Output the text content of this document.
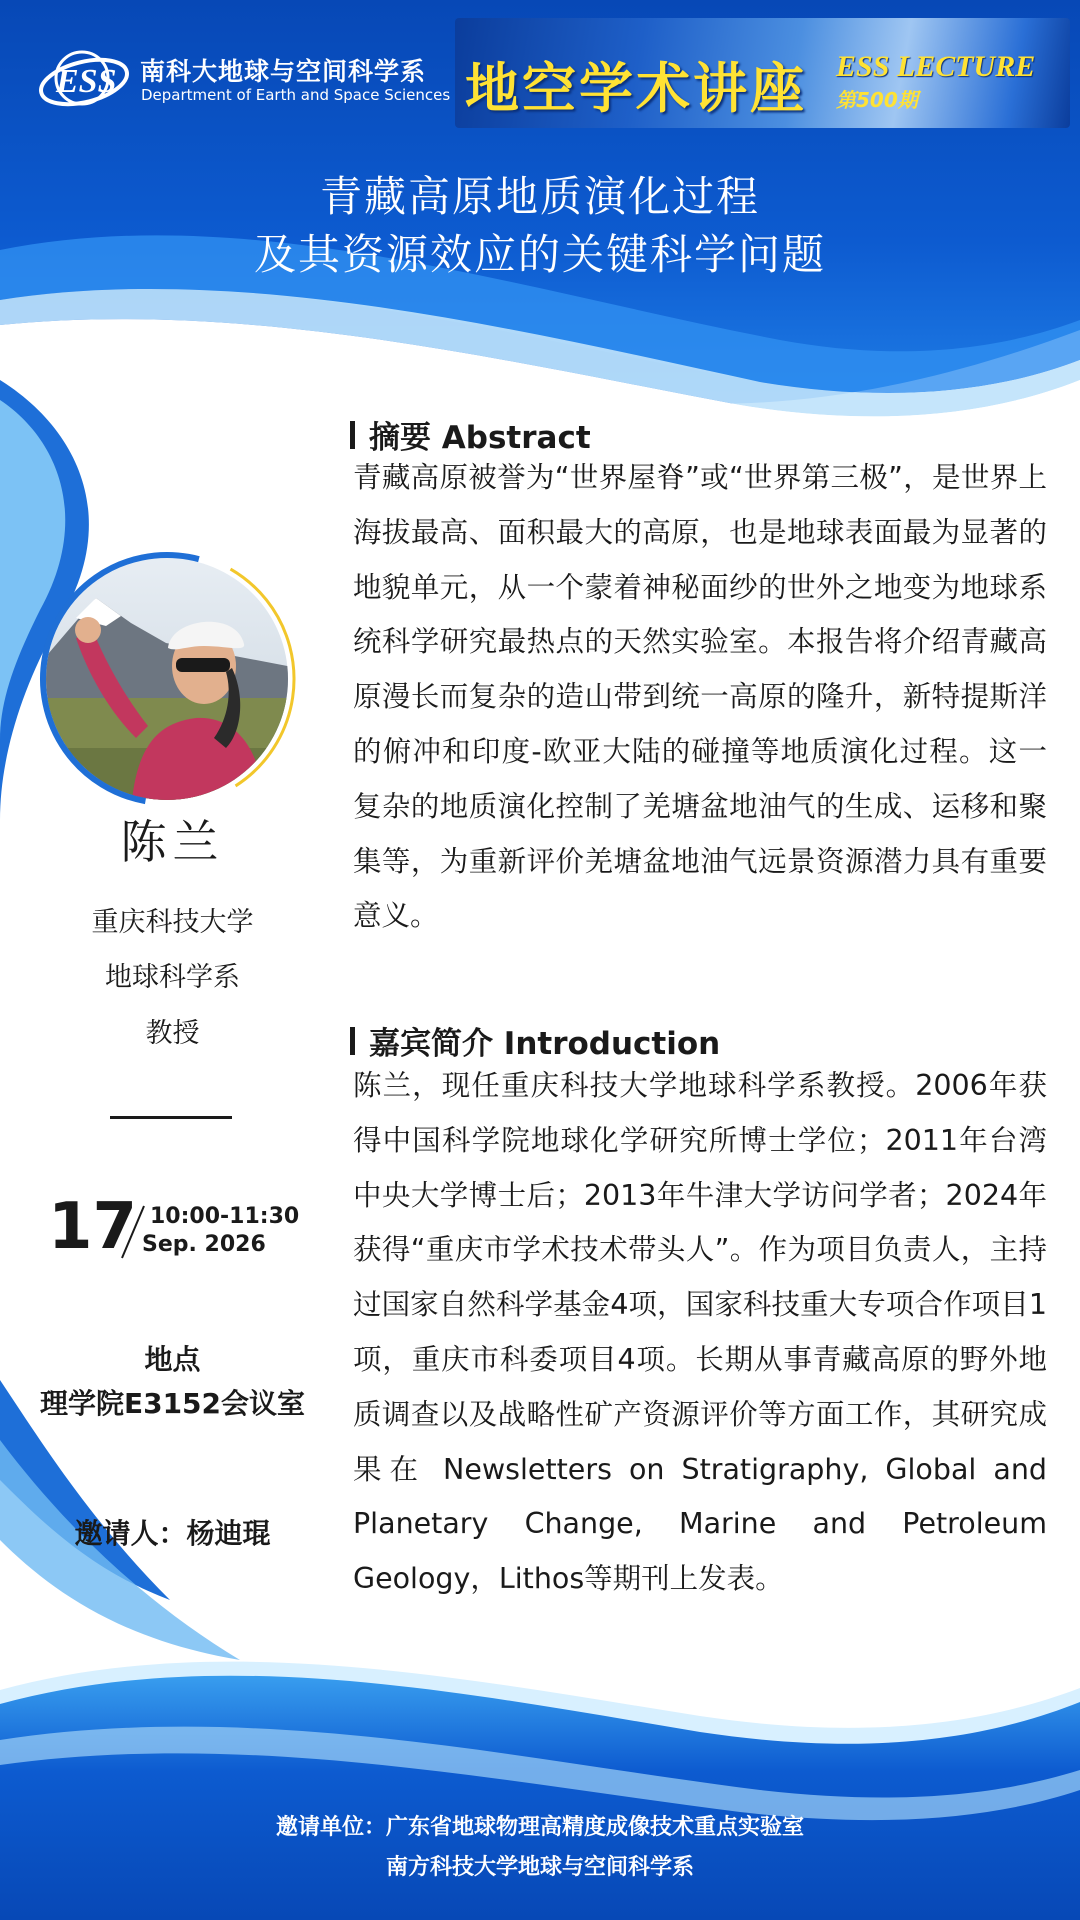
ESS 南科大地球与空间科学系
Department of Earth and Space Sciences 地空学术讲座 ESS LECTURE
第500期
青藏高原地质演化过程
及其资源效应的关键科学问题
陈兰
重庆科技大学
地球科学系
教授
17 10:00-11:30
Sep. 2026
地点
理学院E3152会议室
邀请人：杨迪琨
摘要 Abstract

青藏高原被誉为“世界屋脊”或“世界第三极”，是世界上海拔最高、面积最大的高原，也是地球表面最为显著的地貌单元，从一个蒙着神秘面纱的世外之地变为地球系统科学研究最热点的天然实验室。本报告将介绍青藏高原漫长而复杂的造山带到统一高原的隆升，新特提斯洋的俯冲和印度-欧亚大陆的碰撞等地质演化过程。这一复杂的地质演化控制了羌塘盆地油气的生成、运移和聚集等，为重新评价羌塘盆地油气远景资源潜力具有重要意义。

嘉宾简介 Introduction

陈兰，现任重庆科技大学地球科学系教授。2006年获得中国科学院地球化学研究所博士学位；2011年台湾中央大学博士后；2013年牛津大学访问学者；2024年获得“重庆市学术技术带头人”。作为项目负责人，主持过国家自然科学基金4项，国家科技重大专项合作项目1项，重庆市科委项目4项。长期从事青藏高原的野外地质调查以及战略性矿产资源评价等方面工作，其研究成果在 Newsletters on Stratigraphy, Global and Planetary Change, Marine and Petroleum Geology，Lithos等期刊上发表。

邀请单位：广东省地球物理高精度成像技术重点实验室
南方科技大学地球与空间科学系
